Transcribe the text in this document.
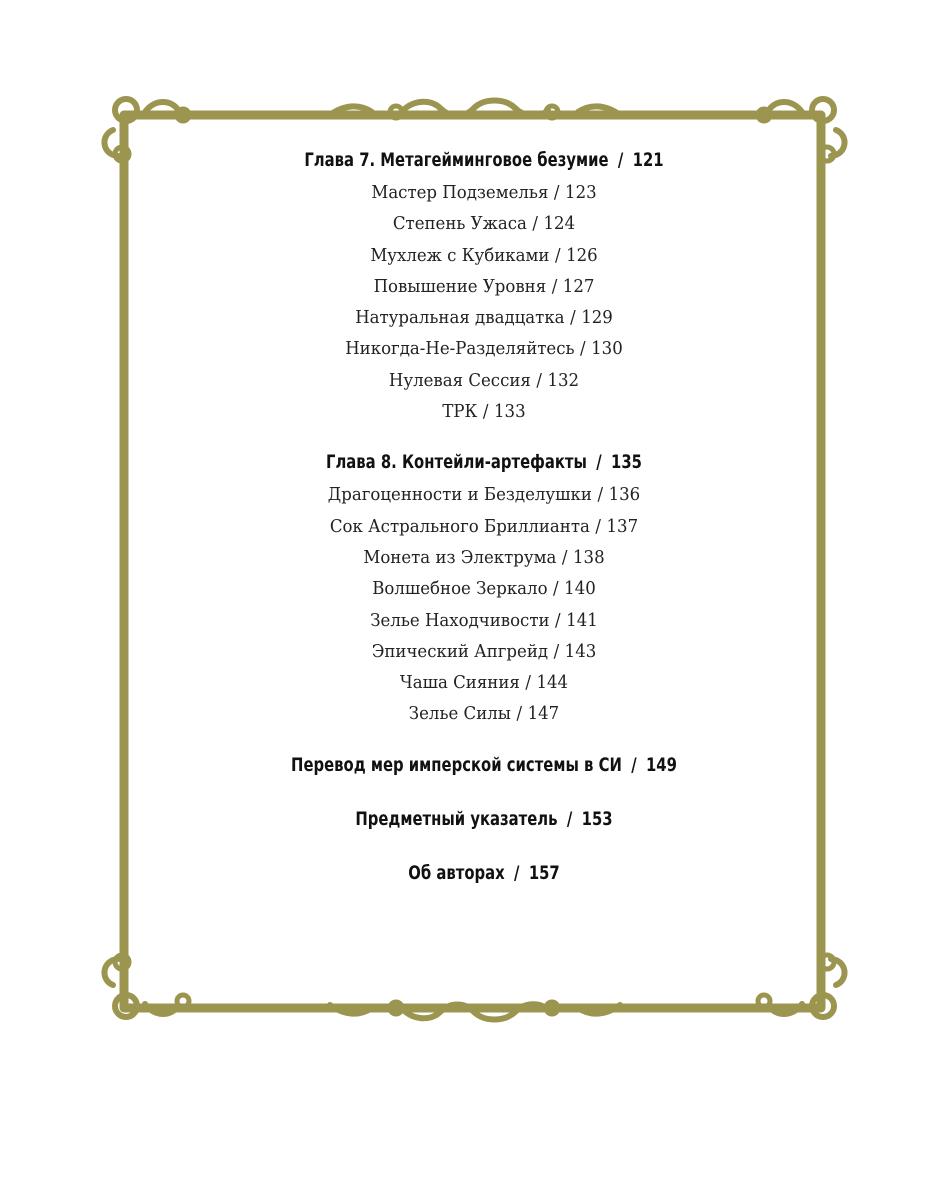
Глава 7. Метагейминговое безумие / 121
Мастер Подземелья / 123
Степень Ужаса / 124
Мухлеж с Кубиками / 126
Повышение Уровня / 127
Натуральная двадцатка / 129
Никогда-Не-Разделяйтесь / 130
Нулевая Сессия / 132
ТРК / 133
Глава 8. Контейли-артефакты / 135
Драгоценности и Безделушки / 136
Сок Астрального Бриллианта / 137
Монета из Электрума / 138
Волшебное Зеркало / 140
Зелье Находчивости / 141
Эпический Апгрейд / 143
Чаша Сияния / 144
Зелье Силы / 147
Перевод мер имперской системы в СИ / 149
Предметный указатель / 153
Об авторах / 157
